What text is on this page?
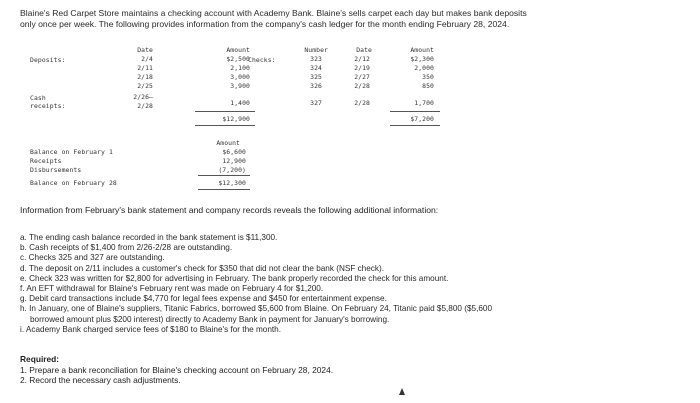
Blaine's Red Carpet Store maintains a checking account with Academy Bank. Blaine's sells carpet each day but makes bank deposits
only once per week. The following provides information from the company's cash ledger for the month ending February 28, 2024.
Deposits:
Date	Amount
2/4	$2,500
2/11	2,100
2/18	3,000
2/25	3,900
Cash
receipts:
2/26–
2/28	1,400
$12,900
Checks:
Number	Date	Amount
323	2/12	$2,300
324	2/19	2,000
325	2/27	350
326	2/28	850
327	2/28	1,700
$7,200
Amount
Balance on February 1	$6,600
Receipts	12,900
Disbursements	(7,200)
Balance on February 28	$12,300
Information from February's bank statement and company records reveals the following additional information:
a. The ending cash balance recorded in the bank statement is $11,300.
b. Cash receipts of $1,400 from 2/26-2/28 are outstanding.
c. Checks 325 and 327 are outstanding.
d. The deposit on 2/11 includes a customer's check for $350 that did not clear the bank (NSF check).
e. Check 323 was written for $2,800 for advertising in February. The bank properly recorded the check for this amount.
f. An EFT withdrawal for Blaine's February rent was made on February 4 for $1,200.
g. Debit card transactions include $4,770 for legal fees expense and $450 for entertainment expense.
h. In January, one of Blaine's suppliers, Titanic Fabrics, borrowed $5,600 from Blaine. On February 24, Titanic paid $5,800 ($5,600
borrowed amount plus $200 interest) directly to Academy Bank in payment for January's borrowing.
i. Academy Bank charged service fees of $180 to Blaine's for the month.
Required:
1. Prepare a bank reconciliation for Blaine's checking account on February 28, 2024.
2. Record the necessary cash adjustments.
